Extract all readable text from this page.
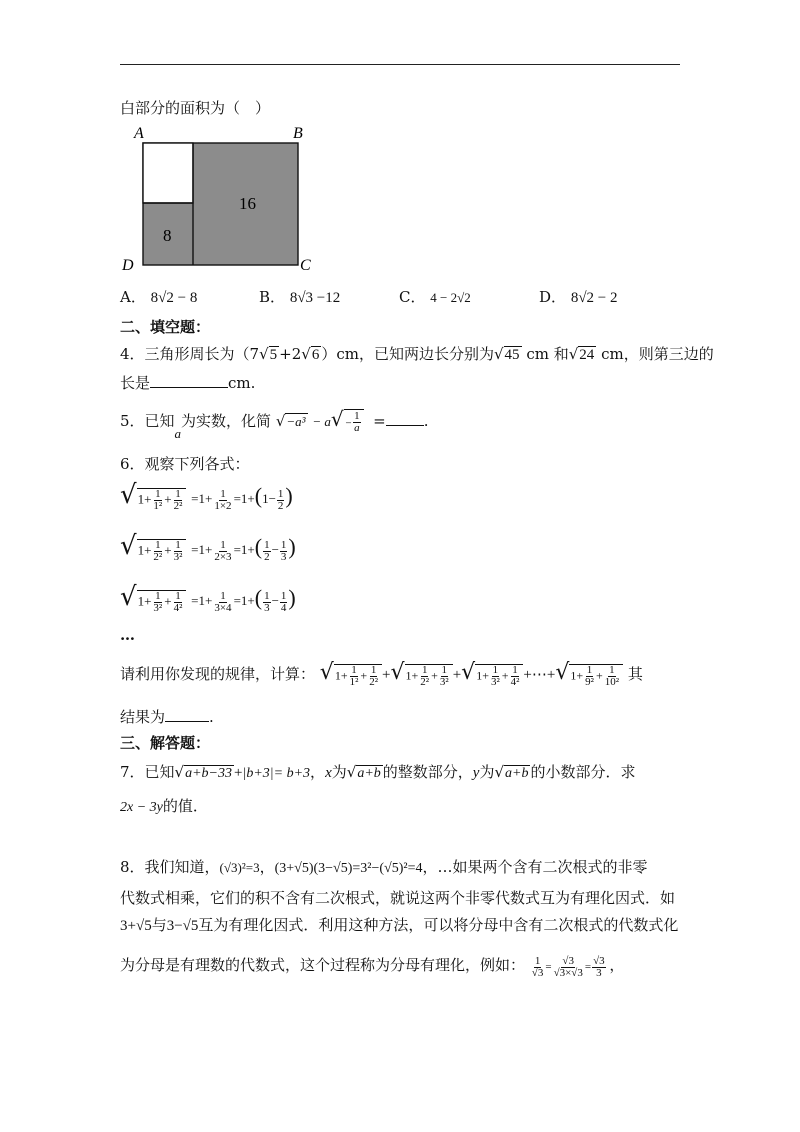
白部分的面积为（　）
A	B
D	C
8
16
A． 8√2 − 8	B． 8√3 −12	C． 4 − 2√2	D． 8√2 − 2
二、填空题：
4．三角形周长为（7√5 +2√6 ）cm，已知两边长分别为√45 cm 和√24 cm，则第三边的
长是	cm.
5．已知a为实数，化简 $√-a^3 - a√- \frac{1}{a}$ =	.
6．观察下列各式：
$√1+ \frac{1}{\text{1²}} + \frac{1}{\text{2²}} =1+ \frac{1}{1\times 2} =1+(1- \frac{1}{2}$ )
$√1+ \frac{1}{\text{2²}} + \frac{1}{\text{3²}} =1+ \frac{1}{2\times 3} =1+( \frac{1}{2} - \frac{1}{3}$ )
$√1+ \frac{1}{\text{3²}} + \frac{1}{\text{4²}} =1+ \frac{1}{3\times 4} =1+( \frac{1}{3} - \frac{1}{4}$ )
…
请利用你发现的规律，计算： $√1+ \frac{1}{\text{1²}} + \frac{1}{\text{2²}} +√1+ \frac{1}{\text{2²}} + \frac{1}{\text{3²}} +√1+ \frac{1}{\text{3²}} + \frac{1}{\text{4²}}$ +⋯+√1+ $\frac{1}{\text{9²}} + \frac{1}{\text{10²}}$ 其
结果为	.
三、解答题：
7．已知√a+b−33 +|b+3|= b+3，x为√a+b 的整数部分，y为√a+b 的小数部分．求
2x − 3y的值．
8．我们知道，(√3)²=3，(3+√5)(3−√5)=3²−(√5)²=4，…如果两个含有二次根式的非零
代数式相乘，它们的积不含有二次根式，就说这两个非零代数式互为有理化因式．如
3+√5与3−√5互为有理化因式．利用这种方法，可以将分母中含有二次根式的代数式化
为分母是有理数的代数式，这个过程称为分母有理化，例如： $\frac{1}{√3} = \frac{√3}{√3\times√3} = \frac{√3}{3}$ ，
